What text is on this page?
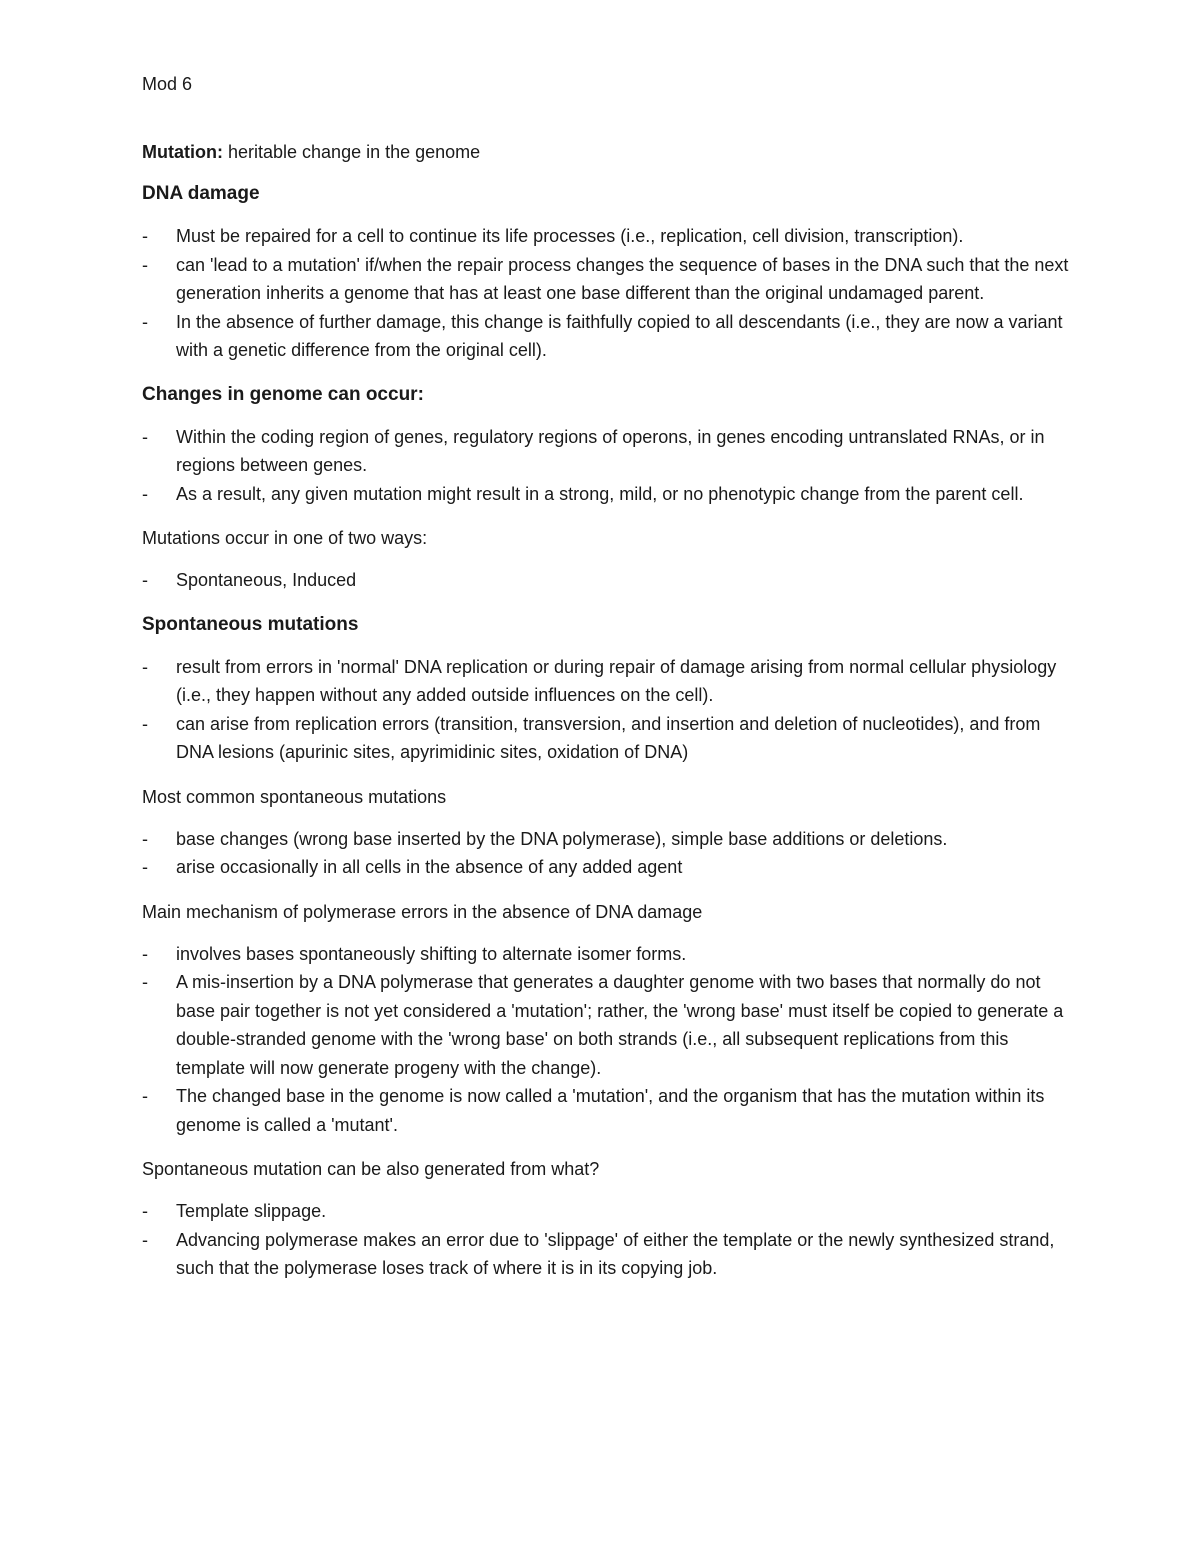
Mod 6

Mutation: heritable change in the genome

DNA damage
- Must be repaired for a cell to continue its life processes (i.e., replication, cell division, transcription).
- can 'lead to a mutation' if/when the repair process changes the sequence of bases in the DNA such that the next generation inherits a genome that has at least one base different than the original undamaged parent.
- In the absence of further damage, this change is faithfully copied to all descendants (i.e., they are now a variant with a genetic difference from the original cell).
Changes in genome can occur:
- Within the coding region of genes, regulatory regions of operons, in genes encoding untranslated RNAs, or in regions between genes.
- As a result, any given mutation might result in a strong, mild, or no phenotypic change from the parent cell.

Mutations occur in one of two ways:

- Spontaneous, Induced
Spontaneous mutations
- result from errors in 'normal' DNA replication or during repair of damage arising from normal cellular physiology (i.e., they happen without any added outside influences on the cell).
- can arise from replication errors (transition, transversion, and insertion and deletion of nucleotides), and from DNA lesions (apurinic sites, apyrimidinic sites, oxidation of DNA)

Most common spontaneous mutations

- base changes (wrong base inserted by the DNA polymerase), simple base additions or deletions.
- arise occasionally in all cells in the absence of any added agent

Main mechanism of polymerase errors in the absence of DNA damage

- involves bases spontaneously shifting to alternate isomer forms.
- A mis-insertion by a DNA polymerase that generates a daughter genome with two bases that normally do not base pair together is not yet considered a 'mutation'; rather, the 'wrong base' must itself be copied to generate a double-stranded genome with the 'wrong base' on both strands (i.e., all subsequent replications from this template will now generate progeny with the change).
- The changed base in the genome is now called a 'mutation', and the organism that has the mutation within its genome is called a 'mutant'.

Spontaneous mutation can be also generated from what?

- Template slippage.
- Advancing polymerase makes an error due to 'slippage' of either the template or the newly synthesized strand, such that the polymerase loses track of where it is in its copying job.
